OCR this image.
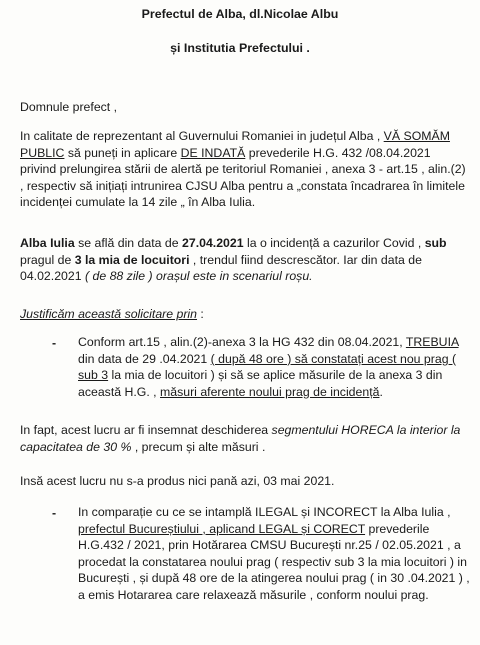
Prefectul de Alba, dl.Nicolae Albu
și Institutia Prefectului .

Domnule prefect ,

In calitate de reprezentant al Guvernului Romaniei in județul Alba , VĂ SOMĂM PUBLIC să puneți in aplicare DE INDATĂ prevederile H.G. 432 /08.04.2021 privind prelungirea stării de alertă pe teritoriul Romaniei , anexa 3 - art.15 , alin.(2) , respectiv să inițiați intrunirea CJSU Alba pentru a „constata încadrarea în limitele incidenței cumulate la 14 zile „ în Alba Iulia.

Alba Iulia se află din data de 27.04.2021 la o incidență a cazurilor Covid , sub pragul de 3 la mia de locuitori , trendul fiind descrescător. Iar din data de 04.02.2021 ( de 88 zile ) orașul este in scenariul roșu.

Justificăm această solicitare prin :

- Conform art.15 , alin.(2)-anexa 3 la HG 432 din 08.04.2021, TREBUIA din data de 29 .04.2021 ( după 48 ore ) să constatați acest nou prag ( sub 3 la mia de locuitori ) și să se aplice măsurile de la anexa 3 din această H.G. , măsuri aferente noului prag de incidență.

In fapt, acest lucru ar fi insemnat deschiderea segmentului HORECA la interior la capacitatea de 30 % , precum și alte măsuri .

Insă acest lucru nu s-a produs nici pană azi, 03 mai 2021.

- In comparație cu ce se intamplă ILEGAL și INCORECT la Alba Iulia , prefectul Bucureștiului , aplicand LEGAL și CORECT prevederile H.G.432 / 2021, prin Hotărarea CMSU București nr.25 / 02.05.2021 , a procedat la constatarea noului prag ( respectiv sub 3 la mia locuitori ) in București , și după 48 ore de la atingerea noului prag ( in 30 .04.2021 ) , a emis Hotararea care relaxează măsurile , conform noului prag.
